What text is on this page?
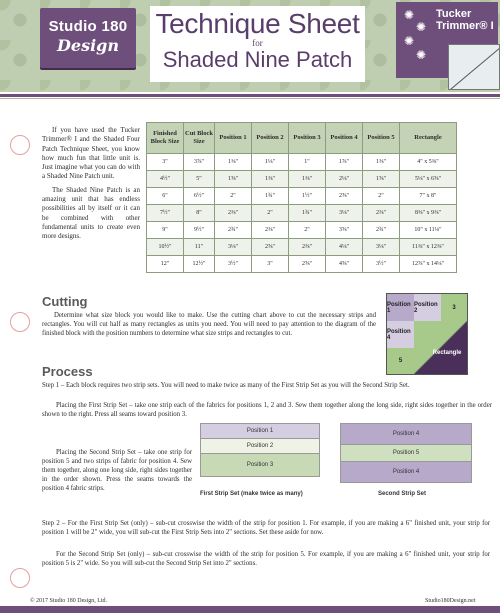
Studio 180
Design
Technique Sheet
for
Shaded Nine Patch
✺
✺
✺
✺
Tucker Trimmer® I

If you have used the Tucker Trimmer® I and the Shaded Four Patch Technique Sheet, you know how much fun that little unit is. Just imagine what you can do with a Shaded Nine Patch unit.

The Shaded Nine Patch is an amazing unit that has endless possibilities all by itself or it can be combined with other fundamental units to create even more designs.

Finished Block Size	Cut Block Size	Position 1	Position 2	Position 3	Position 4	Position 5	Rectangle
3"	3⅞"	1⅜"	1⅛"	1"	1⅞"	1⅜"	4" x 5⅜"
4½"	5"	1⅝"	1⅜"	1⅜"	2⅛"	1⅝"	5⅛" x 6⅝"
6"	6½"	2"	1¾"	1½"	2⅝"	2"	7" x 8"
7½"	8"	2⅜"	2"	1¾"	3⅛"	2⅜"	8⅜" x 9⅜"
9"	9½"	2¾"	2⅜"	2"	3⅝"	2¾"	10" x 11⅛"
10½"	11"	3⅛"	2⅝"	2⅜"	4⅛"	3⅛"	11⅜" x 12⅜"
12"	12½"	3½"	3"	2⅝"	4⅝"	3½"	12⅞" x 14⅛"
Cutting

Determine what size block you would like to make. Use the cutting chart above to cut the necessary strips and rectangles. You will cut half as many rectangles as units you need. You will need to pay attention to the diagram of the finished block with the position numbers to determine what size strips and rectangles to cut.

Position 1
Position 2	3
Position 4
5
Rectangle
Process

Step 1 – Each block requires two strip sets. You will need to make twice as many of the First Strip Set as you will the Second Strip Set.

Placing the First Strip Set – take one strip each of the fabrics for positions 1, 2 and 3. Sew them together along the long side, right sides together in the order shown to the right. Press all seams toward position 3.

Placing the Second Strip Set – take one strip for position 5 and two strips of fabric for position 4. Sew them together, along one long side, right sides together in the order shown. Press the seams towards the position 4 fabric strips.

Position 1
Position 2
Position 3
First Strip Set (make twice as many)
Position 4
Position 5
Position 4
Second Strip Set

Step 2 – For the First Strip Set (only) – sub-cut crosswise the width of the strip for position 1. For example, if you are making a 6" finished unit, your strip for position 1 will be 2" wide, you will sub-cut the First Strip Sets into 2" sections. Set these aside for now.

For the Second Strip Set (only) – sub-cut crosswise the width of the strip for position 5. For example, if you are making a 6" finished unit, your strip for position 5 is 2" wide. So you will sub-cut the Second Strip Set into 2" sections.

© 2017 Studio 180 Design, Ltd.	Studio180Design.net
